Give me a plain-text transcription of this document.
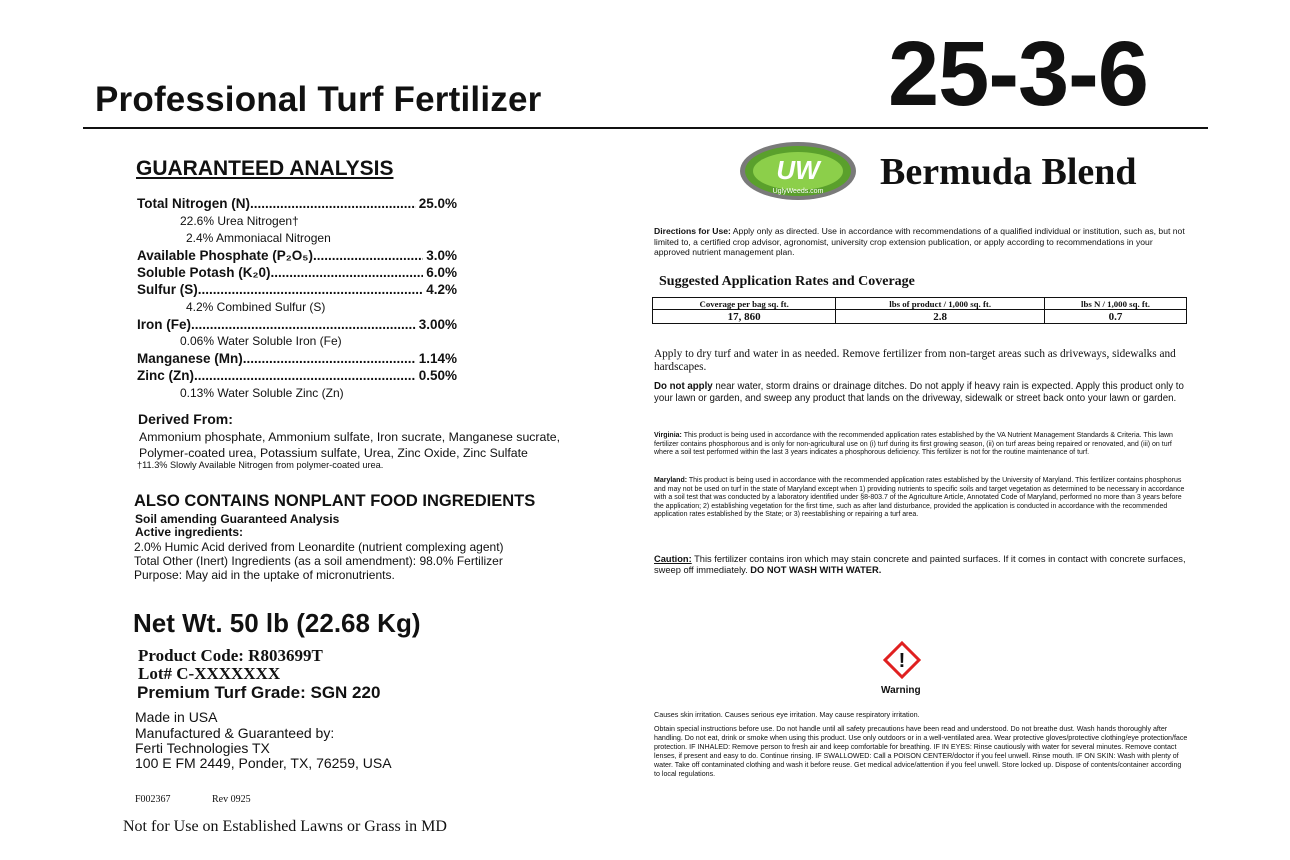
Professional Turf Fertilizer	25-3-6
GUARANTEED ANALYSIS
Total Nitrogen (N) .....	25.0%
22.6% Urea Nitrogen†
2.4% Ammoniacal Nitrogen
Available Phosphate (P₂O₅) .....	3.0%
Soluble Potash (K₂0) .....	6.0%
Sulfur (S) .....	4.2%
4.2% Combined Sulfur (S)
Iron (Fe) .....	3.00%
0.06% Water Soluble Iron (Fe)
Manganese (Mn) .....	1.14%
Zinc (Zn) .....	0.50%
0.13% Water Soluble Zinc (Zn)
Derived From:
Ammonium phosphate, Ammonium sulfate, Iron sucrate, Manganese sucrate, Polymer-coated urea, Potassium sulfate, Urea, Zinc Oxide, Zinc Sulfate
†11.3% Slowly Available Nitrogen from polymer-coated urea.
ALSO CONTAINS NONPLANT FOOD INGREDIENTS
Soil amending Guaranteed Analysis
Active ingredients:
2.0% Humic Acid derived from Leonardite (nutrient complexing agent)
Total Other (Inert) Ingredients (as a soil amendment): 98.0% Fertilizer
Purpose: May aid in the uptake of micronutrients.
Net Wt. 50 lb (22.68 Kg)
Product Code: R803699T
Lot# C-XXXXXXX
Premium Turf Grade: SGN 220
Made in USA
Manufactured & Guaranteed by:
Ferti Technologies TX
100 E FM 2449, Ponder, TX, 76259, USA
F002367	Rev 0925
Not for Use on Established Lawns or Grass in MD
UW
UglyWeeds.com Bermuda Blend
Directions for Use: Apply only as directed. Use in accordance with recommendations of a qualified individual or institution, such as, but not limited to, a certified crop advisor, agronomist, university crop extension publication, or apply according to recommendations in your approved nutrient management plan.
Suggested Application Rates and Coverage
Coverage per bag sq. ft.	lbs of product / 1,000 sq. ft.	lbs N / 1,000 sq. ft.
17, 860	2.8	0.7
Apply to dry turf and water in as needed. Remove fertilizer from non-target areas such as driveways, sidewalks and hardscapes.
Do not apply near water, storm drains or drainage ditches. Do not apply if heavy rain is expected. Apply this product only to your lawn or garden, and sweep any product that lands on the driveway, sidewalk or street back onto your lawn or garden.
Virginia: This product is being used in accordance with the recommended application rates established by the VA Nutrient Management Standards & Criteria. This lawn fertilizer contains phosphorous and is only for non-agricultural use on (i) turf during its first growing season, (ii) on turf areas being repaired or renovated, and (iii) on turf where a soil test performed within the last 3 years indicates a phosphorous deficiency. This fertilizer is not for the routine maintenance of turf.
Maryland: This product is being used in accordance with the recommended application rates established by the University of Maryland. This fertilizer contains phosphorus and may not be used on turf in the state of Maryland except when 1) providing nutrients to specific soils and target vegetation as determined to be necessary in accordance with a soil test that was conducted by a laboratory identified under §8-803.7 of the Agriculture Article, Annotated Code of Maryland, performed no more than 3 years before the application; 2) establishing vegetation for the first time, such as after land disturbance, provided the application is conducted in accordance with the recommended application rates established by the State; or 3) reestablishing or repairing a turf area.
Caution: This fertilizer contains iron which may stain concrete and painted surfaces. If it comes in contact with concrete surfaces, sweep off immediately. DO NOT WASH WITH WATER.
!
Warning
Causes skin irritation. Causes serious eye irritation. May cause respiratory irritation.
Obtain special instructions before use. Do not handle until all safety precautions have been read and understood. Do not breathe dust. Wash hands thoroughly after handling. Do not eat, drink or smoke when using this product. Use only outdoors or in a well-ventilated area. Wear protective gloves/protective clothing/eye protection/face protection. IF INHALED: Remove person to fresh air and keep comfortable for breathing. IF IN EYES: Rinse cautiously with water for several minutes. Remove contact lenses, if present and easy to do. Continue rinsing. IF SWALLOWED: Call a POISON CENTER/doctor if you feel unwell. Rinse mouth. IF ON SKIN: Wash with plenty of water. Take off contaminated clothing and wash it before reuse. Get medical advice/attention if you feel unwell. Store locked up. Dispose of contents/container according to local regulations.
